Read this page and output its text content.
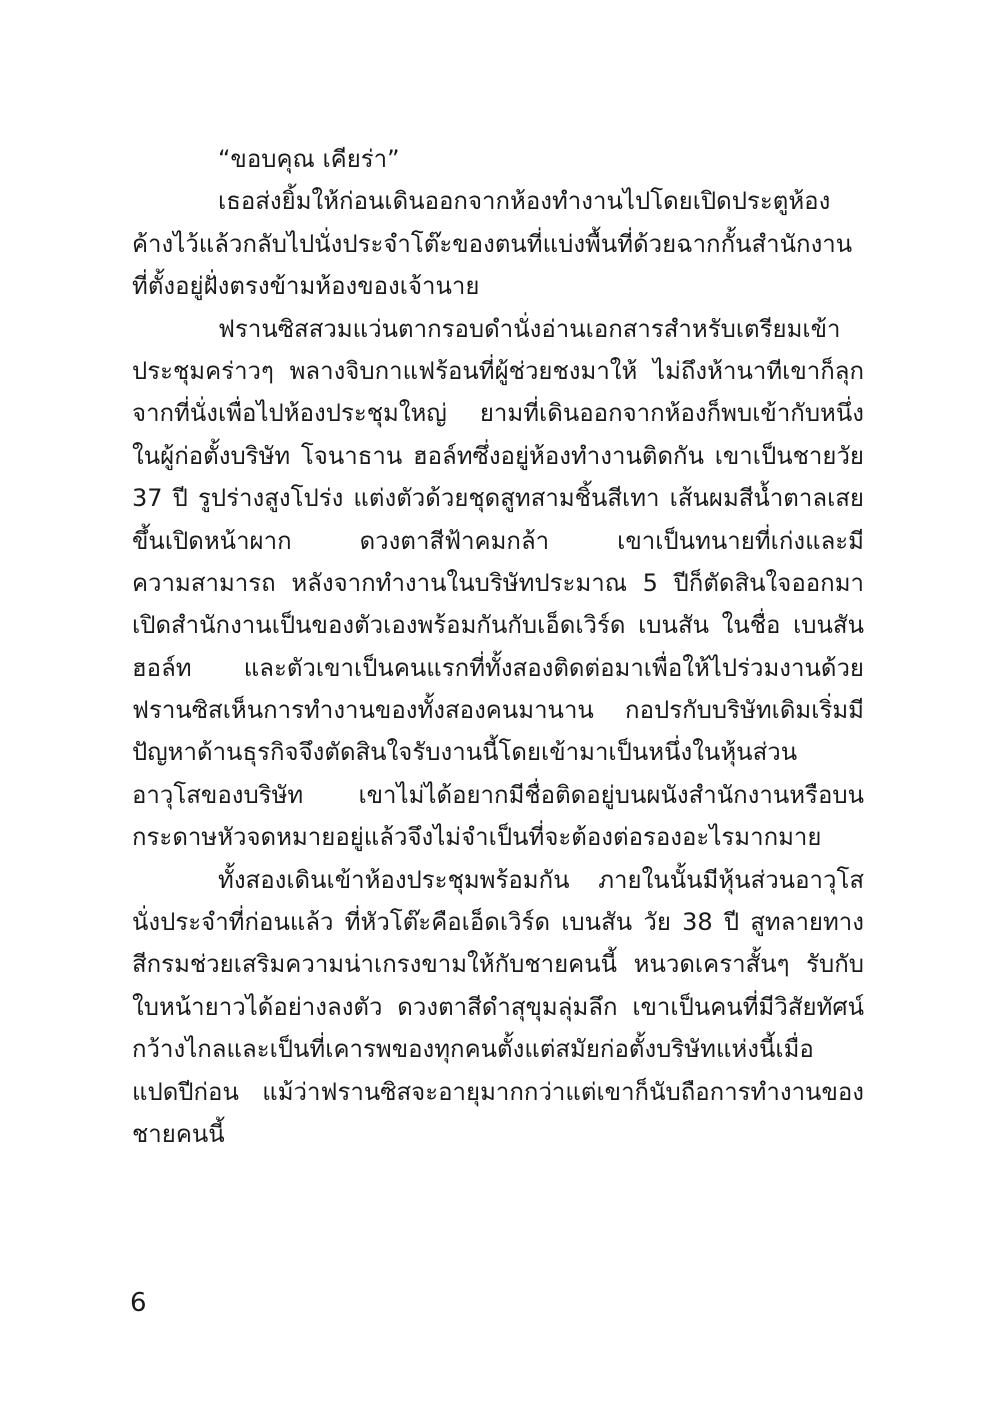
“ขอบคุณ เคียร่า”
เธอส่งยิ้มให้ก่อนเดินออกจากห้องทำงานไปโดยเปิดประตูห้อง
ค้างไว้แล้วกลับไปนั่งประจำโต๊ะของตนที่แบ่งพื้นที่ด้วยฉากกั้นสำนักงาน
ที่ตั้งอยู่ฝั่งตรงข้ามห้องของเจ้านาย
ฟรานซิสสวมแว่นตากรอบดำนั่งอ่านเอกสารสำหรับเตรียมเข้า
ประชุมคร่าวๆ พลางจิบกาแฟร้อนที่ผู้ช่วยชงมาให้ ไม่ถึงห้านาทีเขาก็ลุก
จากที่นั่งเพื่อไปห้องประชุมใหญ่ ยามที่เดินออกจากห้องก็พบเข้ากับหนึ่ง
ในผู้ก่อตั้งบริษัท โจนาธาน ฮอล์ทซึ่งอยู่ห้องทำงานติดกัน เขาเป็นชายวัย
37 ปี รูปร่างสูงโปร่ง แต่งตัวด้วยชุดสูทสามชิ้นสีเทา เส้นผมสีน้ำตาลเสย
ขึ้นเปิดหน้าผาก ดวงตาสีฟ้าคมกล้า เขาเป็นทนายที่เก่งและมี
ความสามารถ หลังจากทำงานในบริษัทประมาณ 5 ปีก็ตัดสินใจออกมา
เปิดสำนักงานเป็นของตัวเองพร้อมกันกับเอ็ดเวิร์ด เบนสัน ในชื่อ เบนสัน
ฮอล์ท และตัวเขาเป็นคนแรกที่ทั้งสองติดต่อมาเพื่อให้ไปร่วมงานด้วย
ฟรานซิสเห็นการทำงานของทั้งสองคนมานาน กอปรกับบริษัทเดิมเริ่มมี
ปัญหาด้านธุรกิจจึงตัดสินใจรับงานนี้โดยเข้ามาเป็นหนึ่งในหุ้นส่วน
อาวุโสของบริษัท เขาไม่ได้อยากมีชื่อติดอยู่บนผนังสำนักงานหรือบน
กระดาษหัวจดหมายอยู่แล้วจึงไม่จำเป็นที่จะต้องต่อรองอะไรมากมาย
ทั้งสองเดินเข้าห้องประชุมพร้อมกัน ภายในนั้นมีหุ้นส่วนอาวุโส
นั่งประจำที่ก่อนแล้ว ที่หัวโต๊ะคือเอ็ดเวิร์ด เบนสัน วัย 38 ปี สูทลายทาง
สีกรมช่วยเสริมความน่าเกรงขามให้กับชายคนนี้ หนวดเคราสั้นๆ รับกับ
ใบหน้ายาวได้อย่างลงตัว ดวงตาสีดำสุขุมลุ่มลึก เขาเป็นคนที่มีวิสัยทัศน์
กว้างไกลและเป็นที่เคารพของทุกคนตั้งแต่สมัยก่อตั้งบริษัทแห่งนี้เมื่อ
แปดปีก่อน แม้ว่าฟรานซิสจะอายุมากกว่าแต่เขาก็นับถือการทำงานของ
ชายคนนี้
6
